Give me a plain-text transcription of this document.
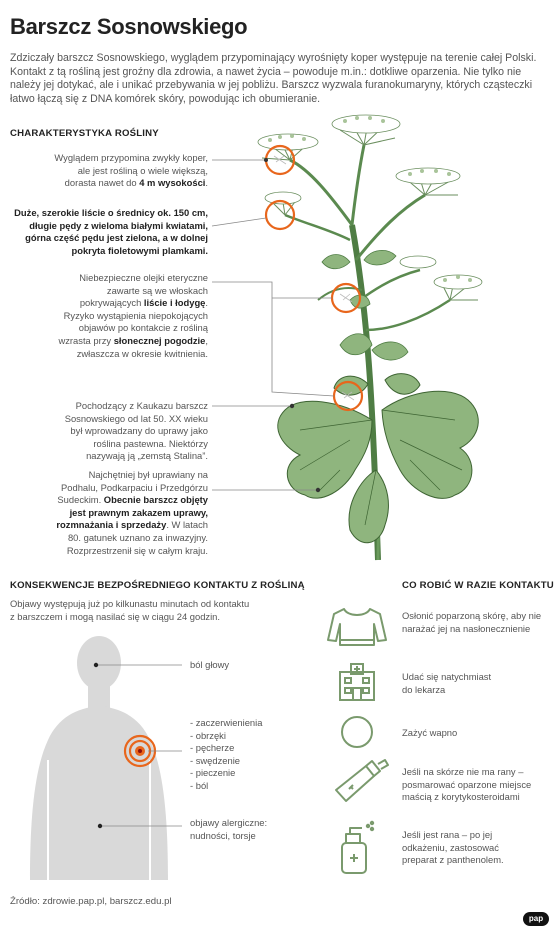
Barszcz Sosnowskiego
Zdziczały barszcz Sosnowskiego, wyglądem przypominający wyrośnięty koper występuje na terenie całej Polski. Kontakt z tą rośliną jest groźny dla zdrowia, a nawet życia – powoduje m.in.: dotkliwe oparzenia. Nie tylko nie należy jej dotykać, ale i unikać przebywania w jej pobliżu. Barszcz wyzwala furanokumaryny, których cząsteczki łatwo łączą się z DNA komórek skóry, powodując ich obumieranie.
CHARAKTERYSTYKA ROŚLINY
Wyglądem przypomina zwykły koper,
ale jest rośliną o wiele większą,
dorasta nawet do 4 m wysokości.
Duże, szerokie liście o średnicy ok. 150 cm,
długie pędy z wieloma białymi kwiatami,
górna część pędu jest zielona, a w dolnej
pokryta fioletowymi plamkami.
Niebezpieczne olejki eteryczne
zawarte są we włoskach
pokrywających liście i łodygę.
Ryzyko wystąpienia niepokojących
objawów po kontakcie z rośliną
wzrasta przy słonecznej pogodzie,
zwłaszcza w okresie kwitnienia.
Pochodzący z Kaukazu barszcz
Sosnowskiego od lat 50. XX wieku
był wprowadzany do uprawy jako
roślina pastewna. Niektórzy
nazywają ją „zemstą Stalina”.
Najchętniej był uprawiany na
Podhalu, Podkarpaciu i Przedgórzu
Sudeckim. Obecnie barszcz objęty
jest prawnym zakazem uprawy,
rozmnażania i sprzedaży. W latach
80. gatunek uznano za inwazyjny.
Rozprzestrzenił się w całym kraju.
KONSEKWENCJE BEZPOŚREDNIEGO KONTAKTU Z ROŚLINĄ
Objawy występują już po kilkunastu minutach od kontaktu
z barszczem i mogą nasilać się w ciągu 24 godzin.
ból głowy
- zaczerwienienia
- obrzęki
- pęcherze
- swędzenie
- pieczenie
- ból
objawy alergiczne:
nudności, torsje
CO ROBIĆ W RAZIE KONTAKTU
Osłonić poparzoną skórę, aby nie
narażać jej na nasłonecznienie
Udać się natychmiast
do lekarza
Zażyć wapno
Jeśli na skórze nie ma rany –
posmarować oparzone miejsce
maścią z korytykosteroidami
Jeśli jest rana – po jej
odkażeniu, zastosować
preparat z panthenolem.
Źródło: zdrowie.pap.pl, barszcz.edu.pl
pap
